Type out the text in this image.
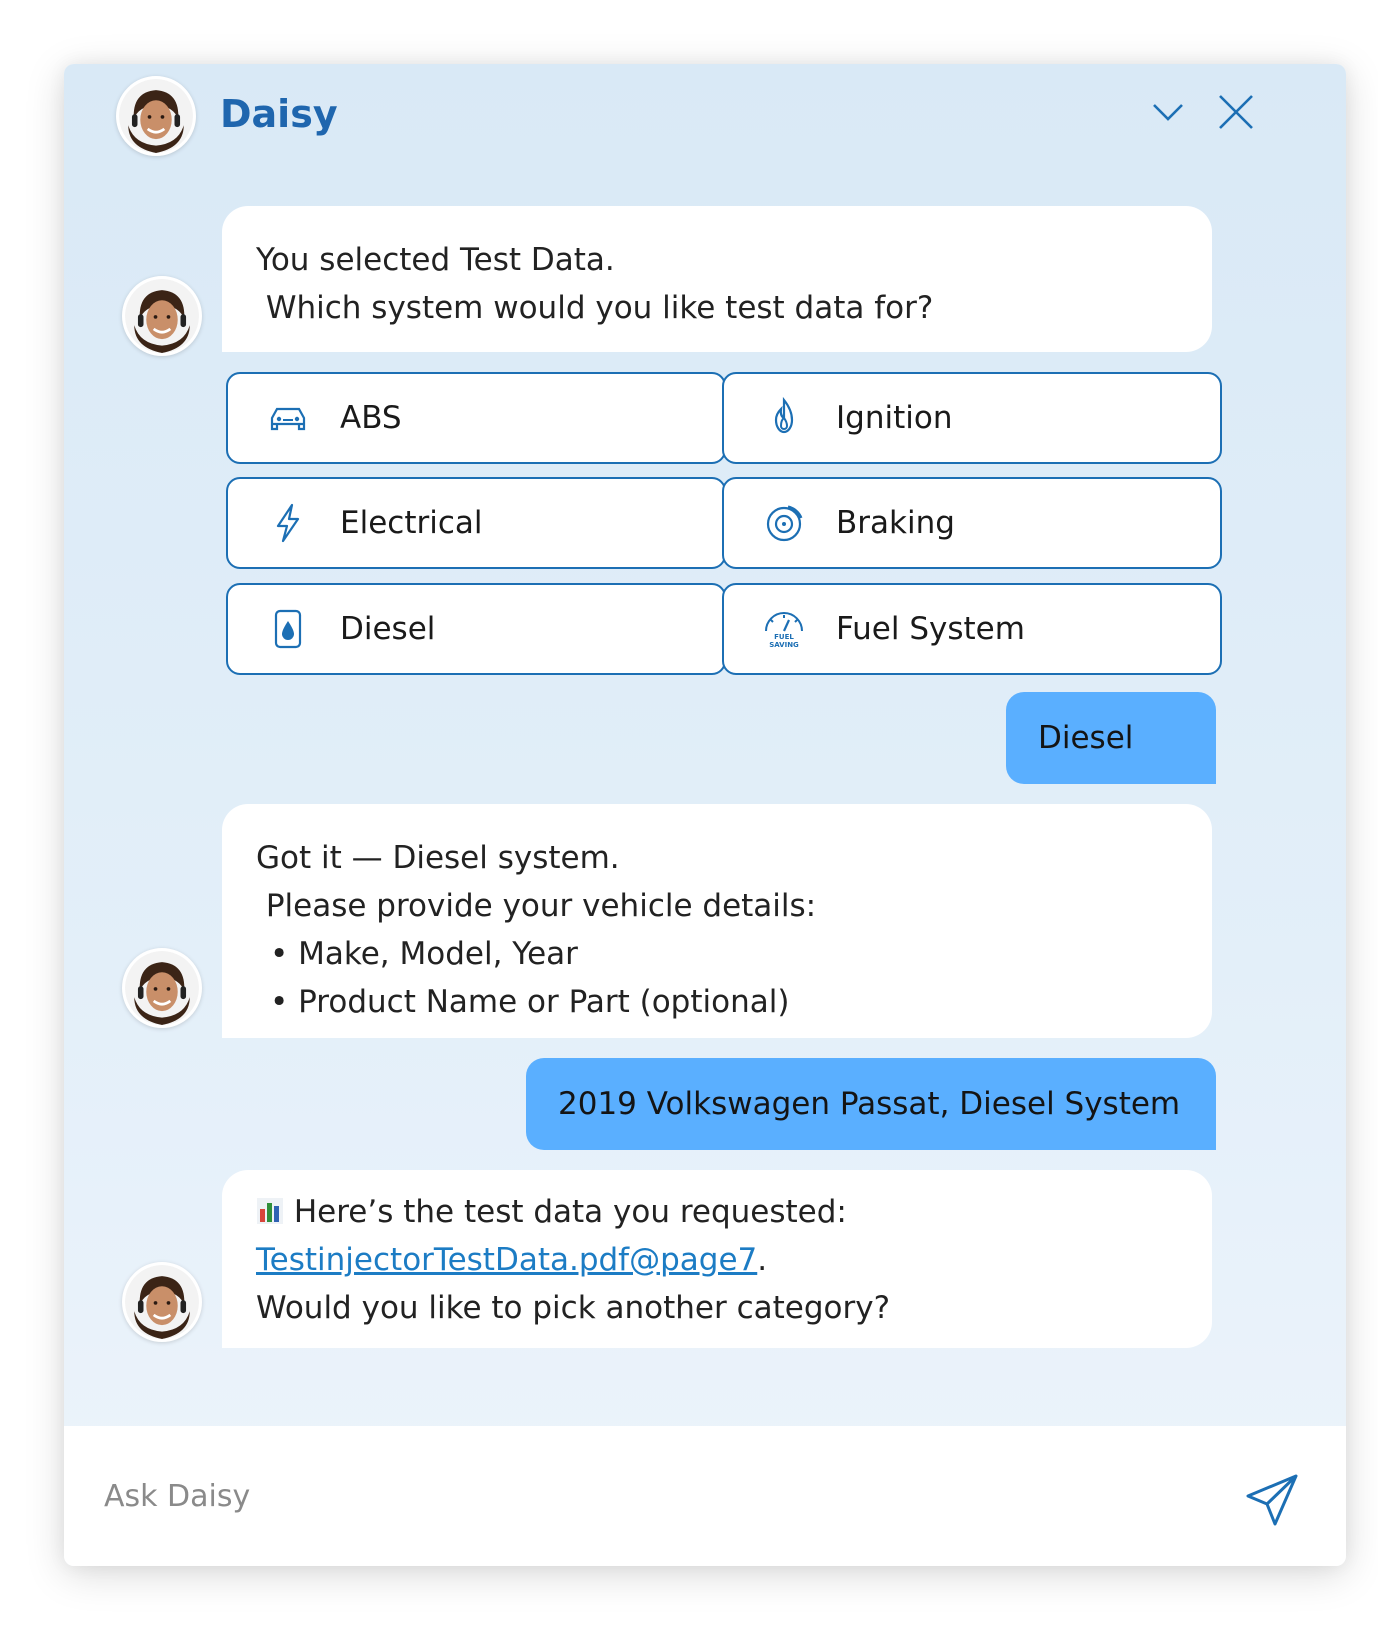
Daisy
You selected Test Data.
Which system would you like test data for?
ABS	Ignition
Electrical	Braking
Diesel	FUEL
SAVING Fuel System
Diesel
Got it — Diesel system.
Please provide your vehicle details:
• Make, Model, Year
• Product Name or Part (optional)
2019 Volkswagen Passat, Diesel System
Here’s the test data you requested:
TestinjectorTestData.pdf@page7.
Would you like to pick another category?
Ask Daisy
